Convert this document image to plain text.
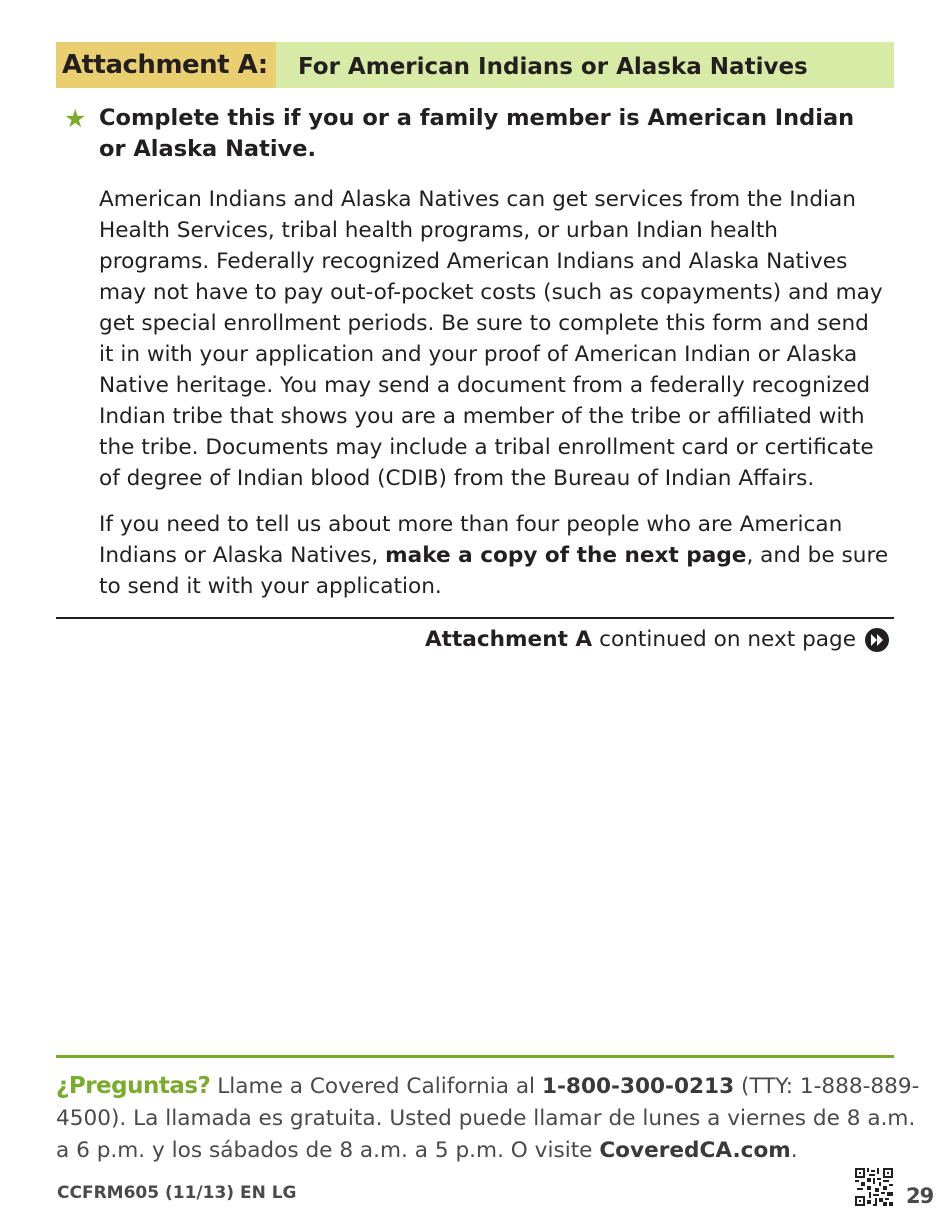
Attachment A:	For American Indians or Alaska Natives
★ Complete this if you or a family member is American Indian or Alaska Native.

American Indians and Alaska Natives can get services from the Indian Health Services, tribal health programs, or urban Indian health programs. Federally recognized American Indians and Alaska Natives may not have to pay out-of-pocket costs (such as copayments) and may get special enrollment periods. Be sure to complete this form and send it in with your application and your proof of American Indian or Alaska Native heritage. You may send a document from a federally recognized Indian tribe that shows you are a member of the tribe or affiliated with the tribe. Documents may include a tribal enrollment card or certificate of degree of Indian blood (CDIB) from the Bureau of Indian Affairs.

If you need to tell us about more than four people who are American Indians or Alaska Natives, make a copy of the next page, and be sure to send it with your application.

Attachment A continued on next page

¿Preguntas? Llame a Covered California al 1-800-300-0213 (TTY: 1-888-889-4500). La llamada es gratuita. Usted puede llamar de lunes a viernes de 8 a.m. a 6 p.m. y los sábados de 8 a.m. a 5 p.m. O visite CoveredCA.com.

CCFRM605 (11/13) EN LG	29
